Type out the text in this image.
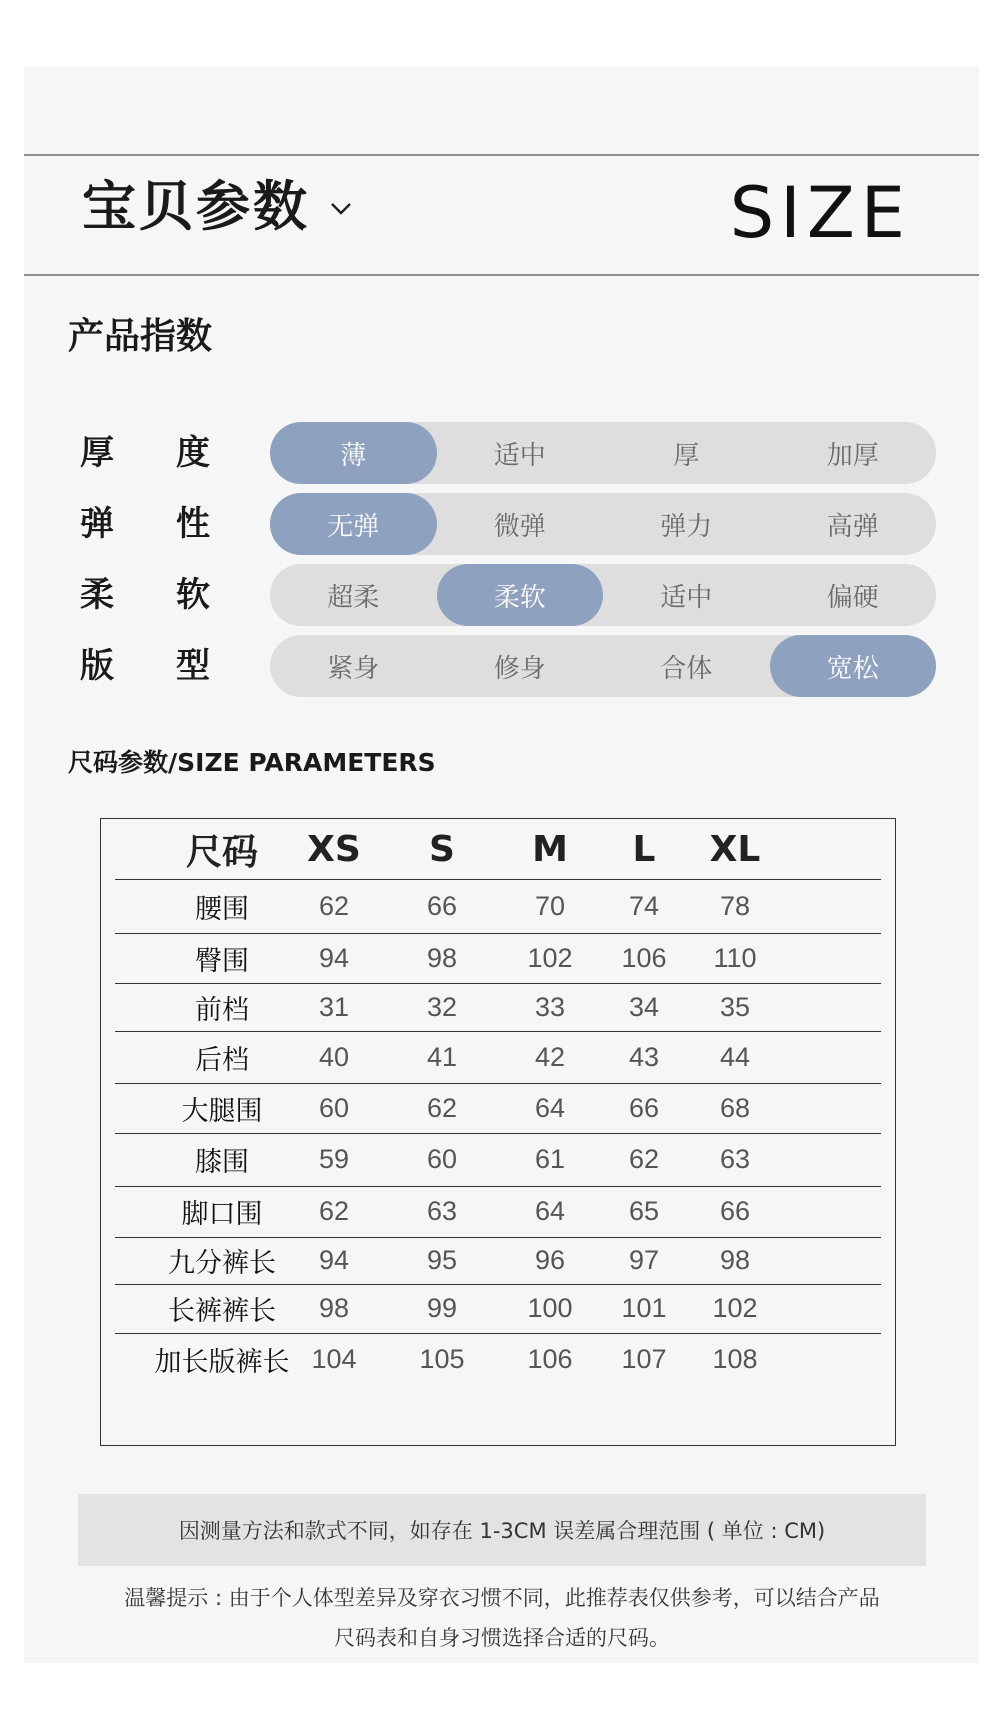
宝贝参数	SIZE
产品指数
厚 度	薄	适中	厚	加厚
弹 性	无弹	微弹	弹力	高弹
柔 软	超柔	柔软	适中	偏硬
版 型	紧身	修身	合体	宽松
尺码参数/SIZE PARAMETERS
尺码	XS	S	M	L	XL
腰围	62	66	70	74	78
臀围	94	98	102	106	110
前档	31	32	33	34	35
后档	40	41	42	43	44
大腿围	60	62	64	66	68
膝围	59	60	61	62	63
脚口围	62	63	64	65	66
九分裤长	94	95	96	97	98
长裤裤长	98	99	100	101	102
加长版裤长 104	105	106	107	108
因测量方法和款式不同，如存在 1-3CM 误差属合理范围 ( 单位 : CM)
温馨提示 : 由于个人体型差异及穿衣习惯不同，此推荐表仅供参考，可以结合产品
尺码表和自身习惯选择合适的尺码。
